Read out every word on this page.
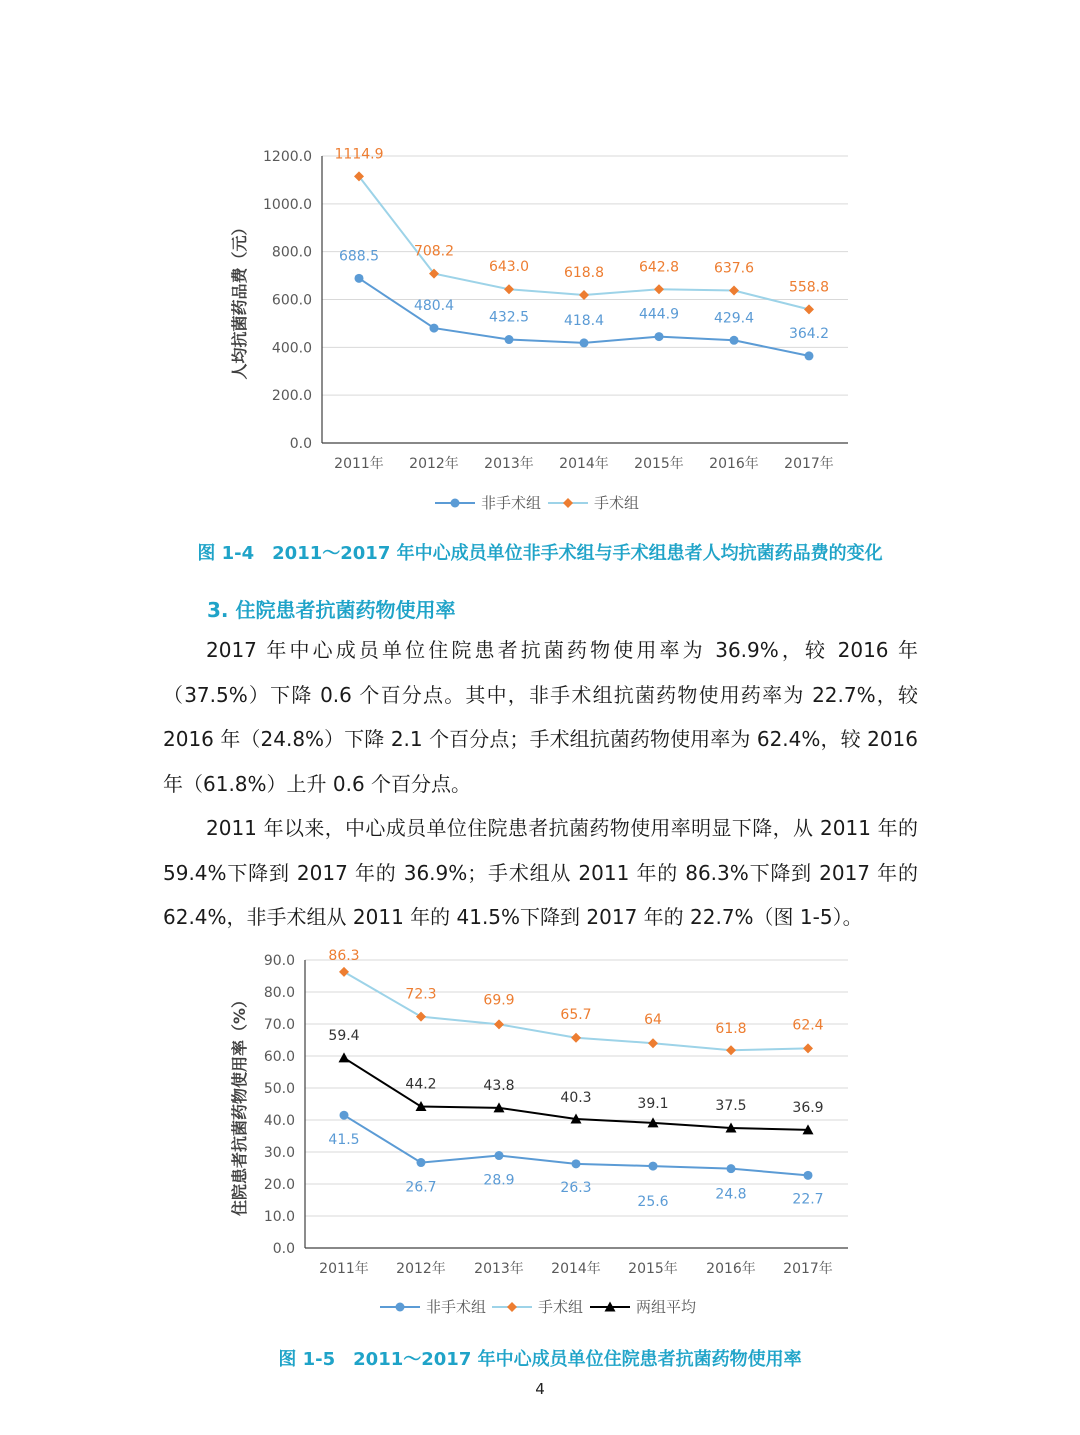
0.0
200.0
400.0
600.0
800.0
1000.0
1200.0
2011年 2012年 2013年 2014年 2015年 2016年 2017年
人均抗菌药品费（元）	688.5
480.4
432.5 418.4 444.9 429.4
364.2
1114.9
708.2
643.0 618.8 642.8 637.6
558.8
非手术组	手术组
图 1-4　2011～2017 年中心成员单位非手术组与手术组患者人均抗菌药品费的变化
3. 住院患者抗菌药物使用率
2017 年中心成员单位住院患者抗菌药物使用率为 36.9%，较 2016 年（37.5%）下降 0.6 个百分点。其中，非手术组抗菌药物使用药率为 22.7%，较 2016 年（24.8%）下降 2.1 个百分点；手术组抗菌药物使用率为 62.4%，较 2016 年（61.8%）上升 0.6 个百分点。
2011 年以来，中心成员单位住院患者抗菌药物使用率明显下降，从 2011 年的 59.4%下降到 2017 年的 36.9%；手术组从 2011 年的 86.3%下降到 2017 年的 62.4%，非手术组从 2011 年的 41.5%下降到 2017 年的 22.7%（图 1-5）。
0.0
10.0
20.0
30.0
40.0
50.0
60.0
70.0
80.0
90.0
2011年 2012年 2013年 2014年 2015年 2016年 2017年
住院患者抗菌药物使用率（%）	41.5
26.7	28.9	26.3
25.6	24.8	22.7
86.3
72.3	69.9
65.7	64
61.8	62.4
59.4
44.2	43.8
40.3	39.1	37.5	36.9
非手术组	手术组	两组平均
图 1-5　2011～2017 年中心成员单位住院患者抗菌药物使用率
4
